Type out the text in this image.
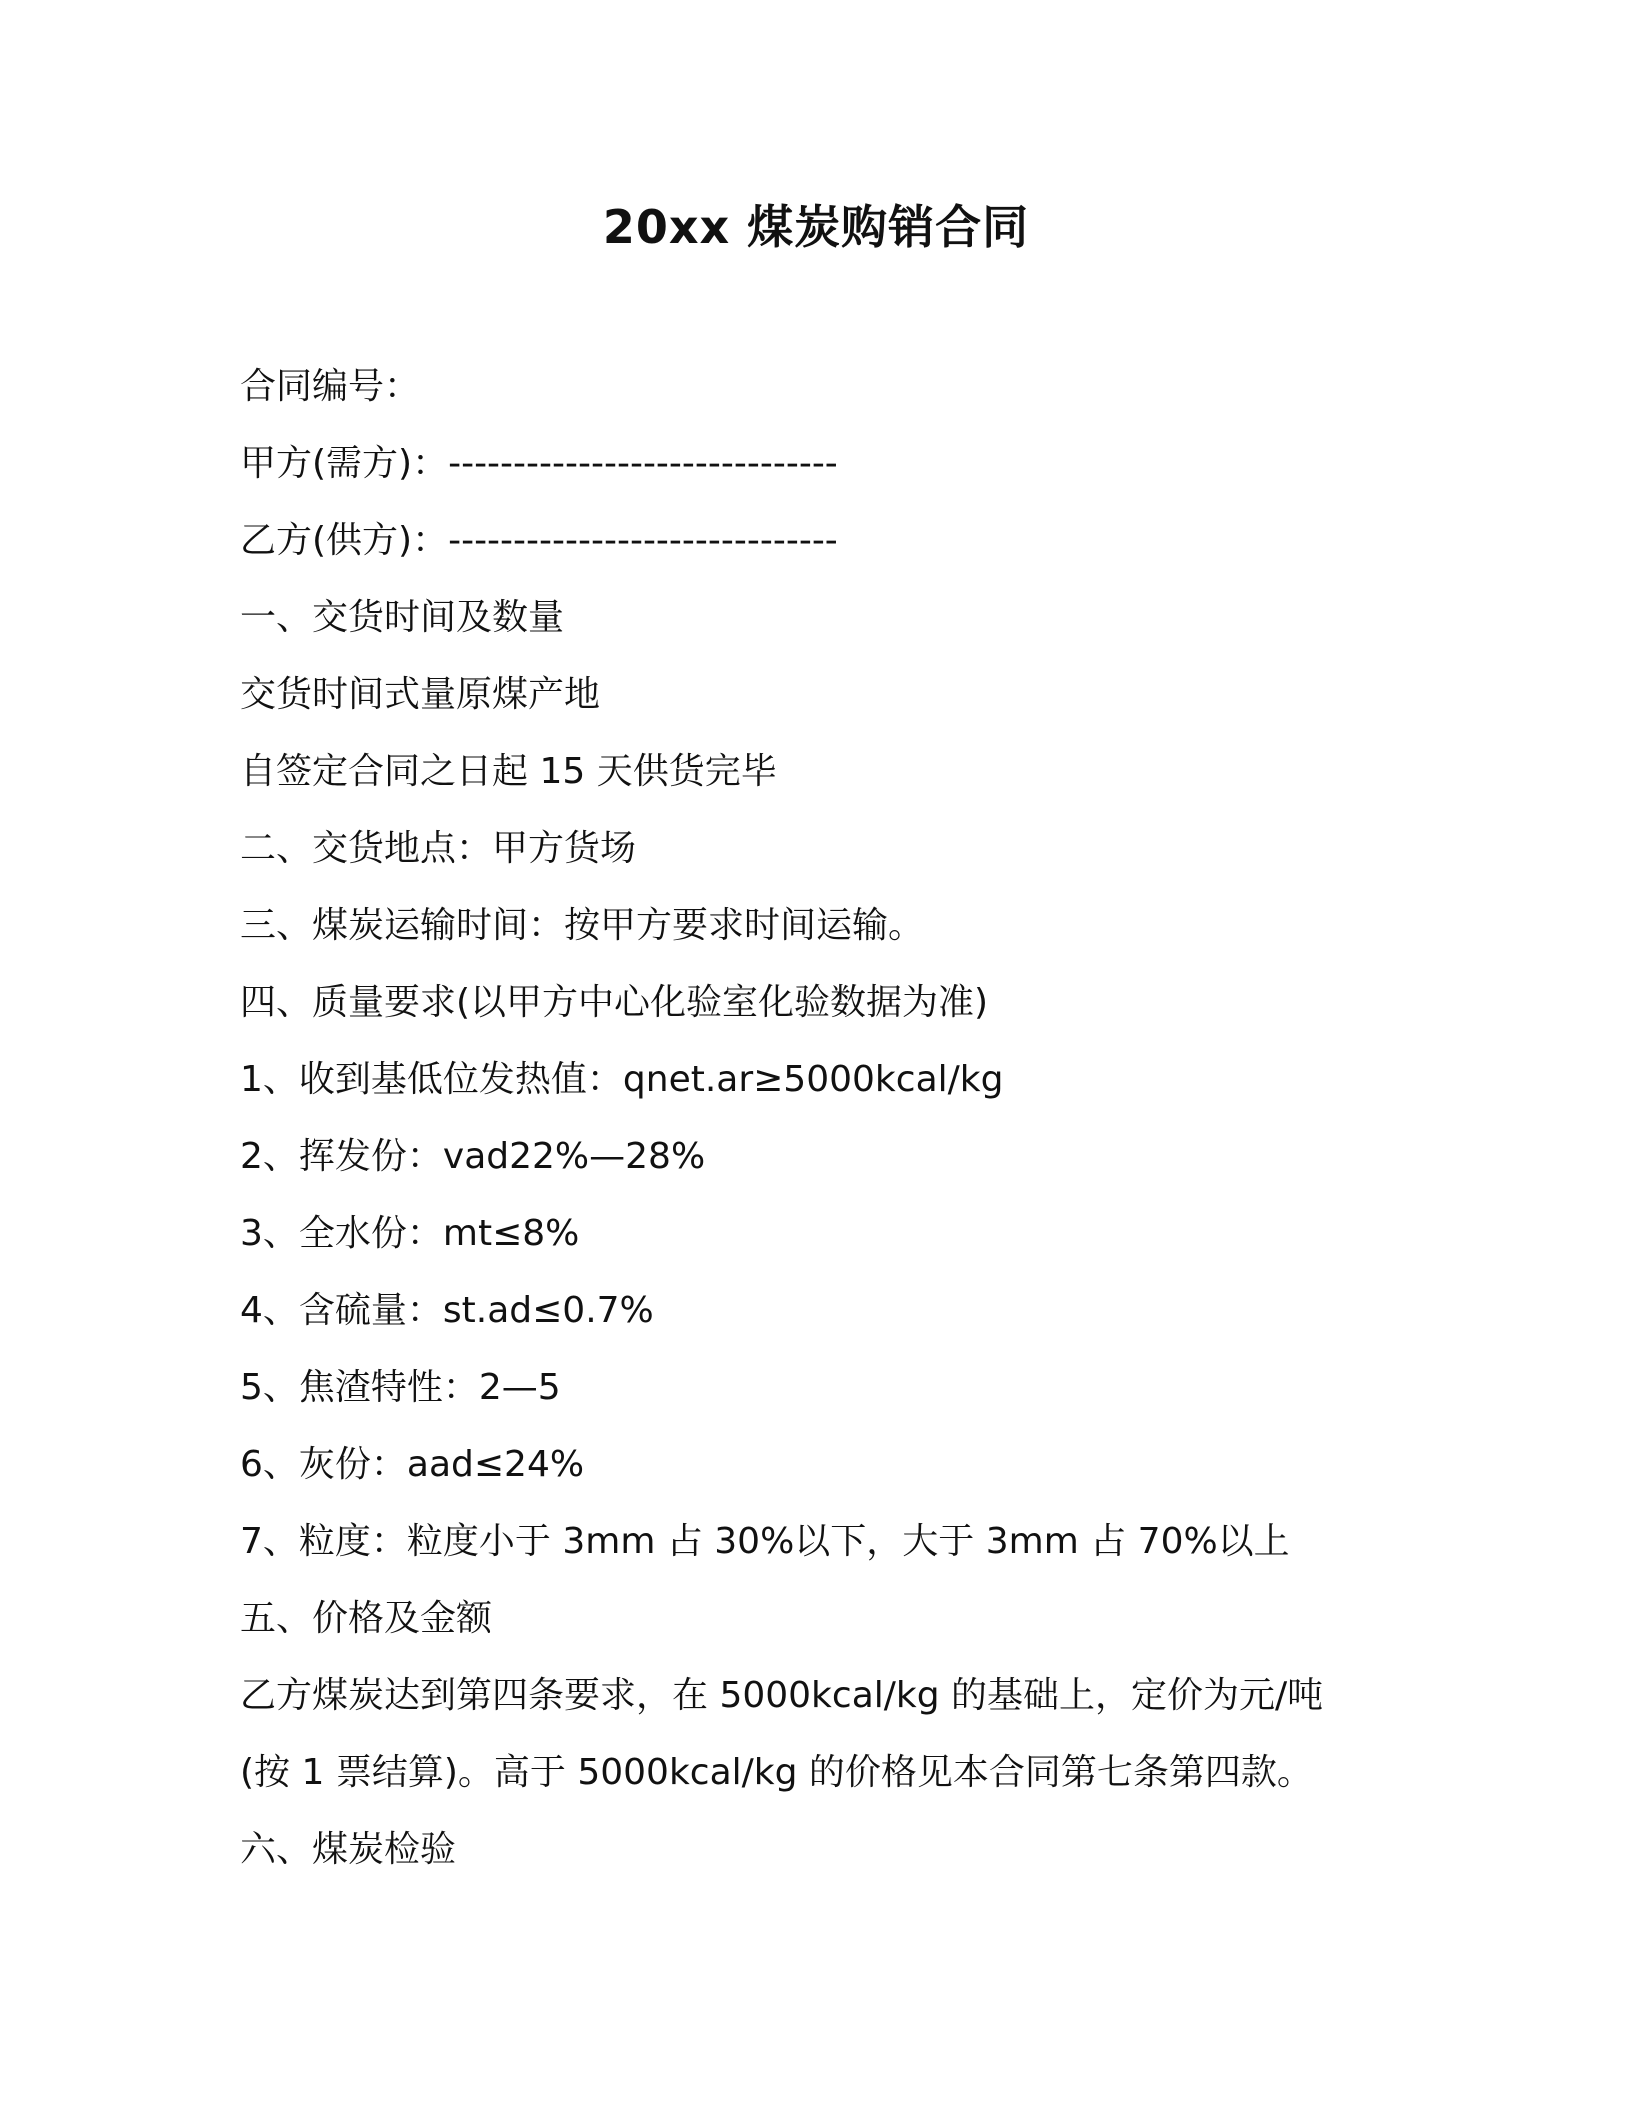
20xx 煤炭购销合同
合同编号：
甲方(需方)：------------------------------
乙方(供方)：------------------------------
一、交货时间及数量
交货时间式量原煤产地
自签定合同之日起 15 天供货完毕
二、交货地点：甲方货场
三、煤炭运输时间：按甲方要求时间运输。
四、质量要求(以甲方中心化验室化验数据为准)
1、收到基低位发热值：qnet.ar≥5000kcal/kg
2、挥发份：vad22%—28%
3、全水份：mt≤8%
4、含硫量：st.ad≤0.7%
5、焦渣特性：2—5
6、灰份：aad≤24%
7、粒度：粒度小于 3mm 占 30%以下，大于 3mm 占 70%以上
五、价格及金额
乙方煤炭达到第四条要求，在 5000kcal/kg 的基础上，定价为元/吨
(按 1 票结算)。高于 5000kcal/kg 的价格见本合同第七条第四款。
六、煤炭检验
